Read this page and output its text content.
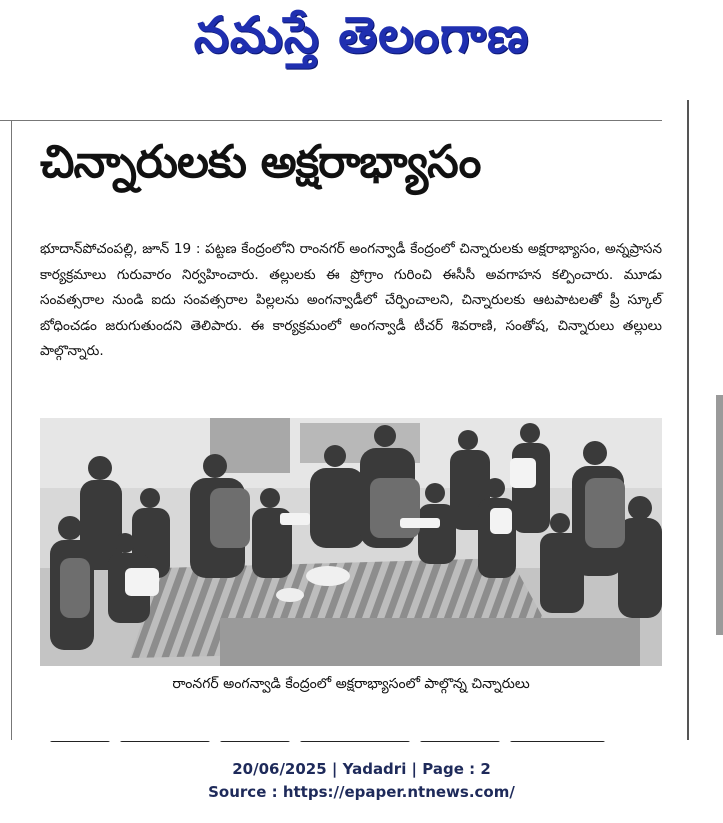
నమస్తే తెలంగాణ
చిన్నారులకు అక్షరాభ్యాసం
భూదాన్‌పోచంపల్లి, జూన్ 19 : పట్టణ కేంద్రంలోని రాంనగర్ అంగన్వాడీ కేంద్రంలో చిన్నారులకు అక్షరాభ్యాసం, అన్నప్రాసన కార్యక్రమాలు గురువారం నిర్వహించారు. తల్లులకు ఈ ప్రోగ్రాం గురించి ఈసీసీ అవగాహన కల్పించారు. మూడు సంవత్సరాల నుండి ఐదు సంవత్సరాల పిల్లలను అంగన్వాడీలో చేర్పించాలని, చిన్నారులకు ఆటపాటలతో ప్రీ స్కూల్ బోధించడం జరుగుతుందని తెలిపారు. ఈ కార్యక్రమంలో అంగన్వాడీ టీచర్ శివరాణి, సంతోష, చిన్నారులు తల్లులు పాల్గొన్నారు.
రాంనగర్ అంగన్వాడి కేంద్రంలో అక్షరాభ్యాసంలో పాల్గొన్న చిన్నారులు
20/06/2025 | Yadadri | Page : 2
Source : https://epaper.ntnews.com/
